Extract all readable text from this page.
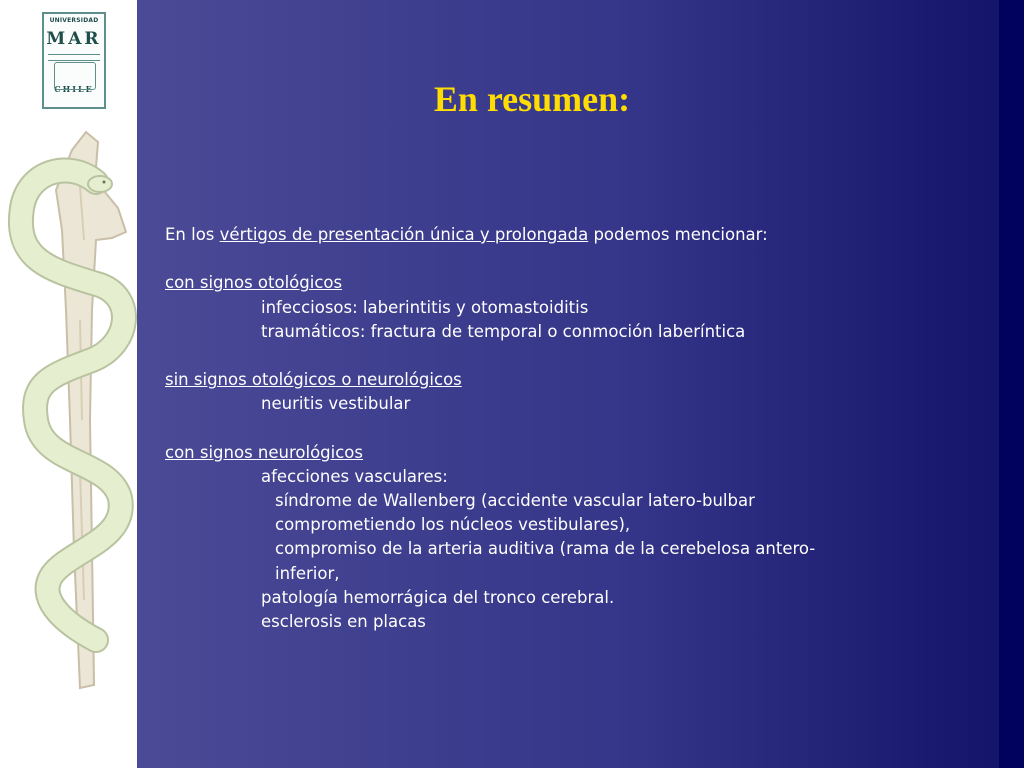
UNIVERSIDAD
MAR
CHILE	En resumen:
En los vértigos de presentación única y prolongada podemos mencionar:
con signos otológicos
infecciosos: laberintitis y otomastoiditis
traumáticos: fractura de temporal o conmoción laberíntica
sin signos otológicos o neurológicos
neuritis vestibular
con signos neurológicos
afecciones vasculares:
síndrome de Wallenberg (accidente vascular latero-bulbar
comprometiendo los núcleos vestibulares),
compromiso de la arteria auditiva (rama de la cerebelosa antero-
inferior,
patología hemorrágica del tronco cerebral.
esclerosis en placas
